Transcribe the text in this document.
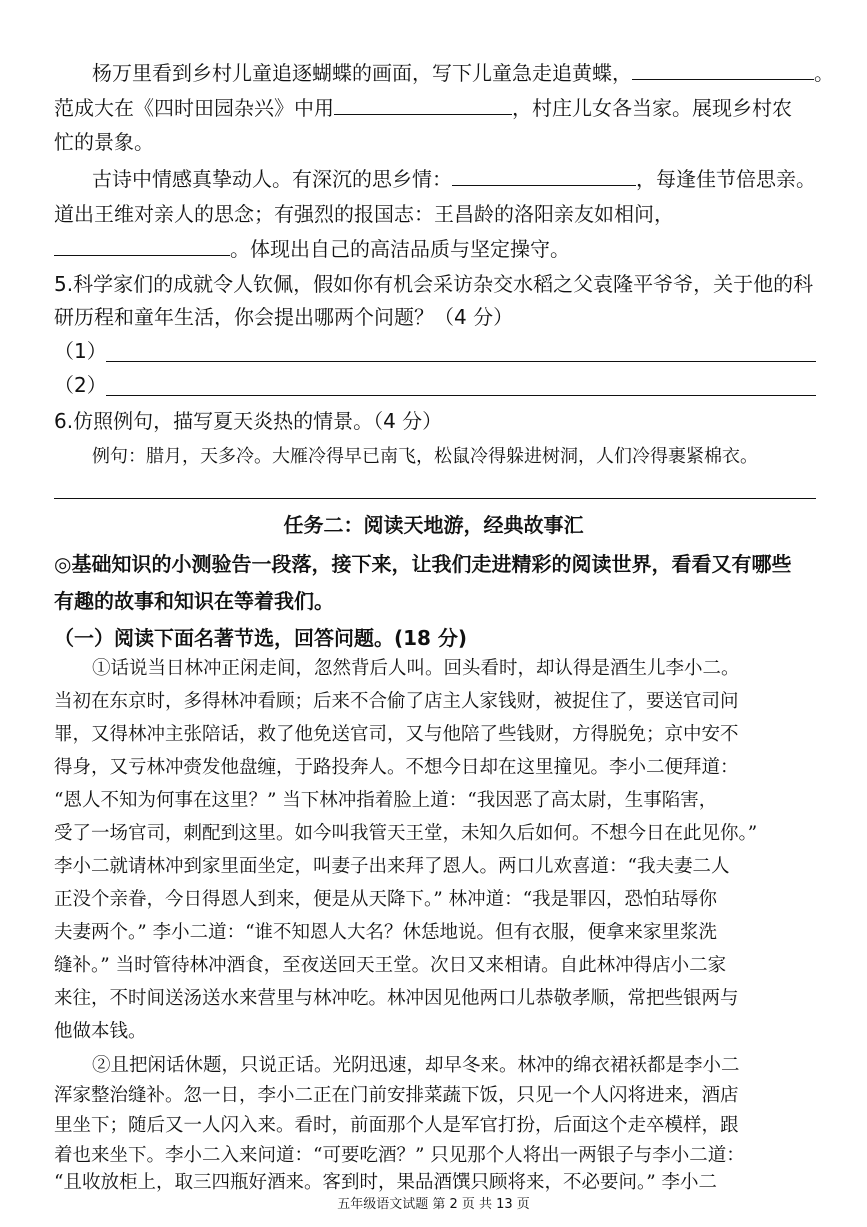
杨万里看到乡村儿童追逐蝴蝶的画面，写下儿童急走追黄蝶，	。
范成大在《四时田园杂兴》中用	，村庄儿女各当家。展现乡村农
忙的景象。
古诗中情感真挚动人。有深沉的思乡情：	，每逢佳节倍思亲。
道出王维对亲人的思念；有强烈的报国志：王昌龄的洛阳亲友如相问，
。体现出自己的高洁品质与坚定操守。
5.科学家们的成就令人钦佩，假如你有机会采访杂交水稻之父袁隆平爷爷，关于他的科
研历程和童年生活，你会提出哪两个问题？（4 分）
（1）
（2）
6.仿照例句，描写夏天炎热的情景。（4 分）
例句：腊月，天多冷。大雁冷得早已南飞，松鼠冷得躲进树洞，人们冷得裹紧棉衣。
任务二：阅读天地游，经典故事汇
◎基础知识的小测验告一段落，接下来，让我们走进精彩的阅读世界，看看又有哪些
有趣的故事和知识在等着我们。
（一）阅读下面名著节选，回答问题。(18 分)
①话说当日林冲正闲走间，忽然背后人叫。回头看时，却认得是酒生儿李小二。
当初在东京时，多得林冲看顾；后来不合偷了店主人家钱财，被捉住了，要送官司问
罪，又得林冲主张陪话，救了他免送官司，又与他陪了些钱财，方得脱免；京中安不
得身，又亏林冲赍发他盘缠，于路投奔人。不想今日却在这里撞见。李小二便拜道：
“恩人不知为何事在这里？” 当下林冲指着脸上道：“我因恶了高太尉，生事陷害，
受了一场官司，刺配到这里。如今叫我管天王堂，未知久后如何。不想今日在此见你。”
李小二就请林冲到家里面坐定，叫妻子出来拜了恩人。两口儿欢喜道：“我夫妻二人
正没个亲眷，今日得恩人到来，便是从天降下。” 林冲道：“我是罪囚，恐怕玷辱你
夫妻两个。” 李小二道：“谁不知恩人大名？休恁地说。但有衣服，便拿来家里浆洗
缝补。” 当时管待林冲酒食，至夜送回天王堂。次日又来相请。自此林冲得店小二家
来往，不时间送汤送水来营里与林冲吃。林冲因见他两口儿恭敬孝顺，常把些银两与
他做本钱。
②且把闲话休题，只说正话。光阴迅速，却早冬来。林冲的绵衣裙袄都是李小二
浑家整治缝补。忽一日，李小二正在门前安排菜蔬下饭，只见一个人闪将进来，酒店
里坐下；随后又一人闪入来。看时，前面那个人是军官打扮，后面这个走卒模样，跟
着也来坐下。李小二入来问道：“可要吃酒？” 只见那个人将出一两银子与李小二道：
五年级语文试题 第 2 页 共 13 页
“且收放柜上，取三四瓶好酒来。客到时，果品酒馔只顾将来，不必要问。” 李小二
